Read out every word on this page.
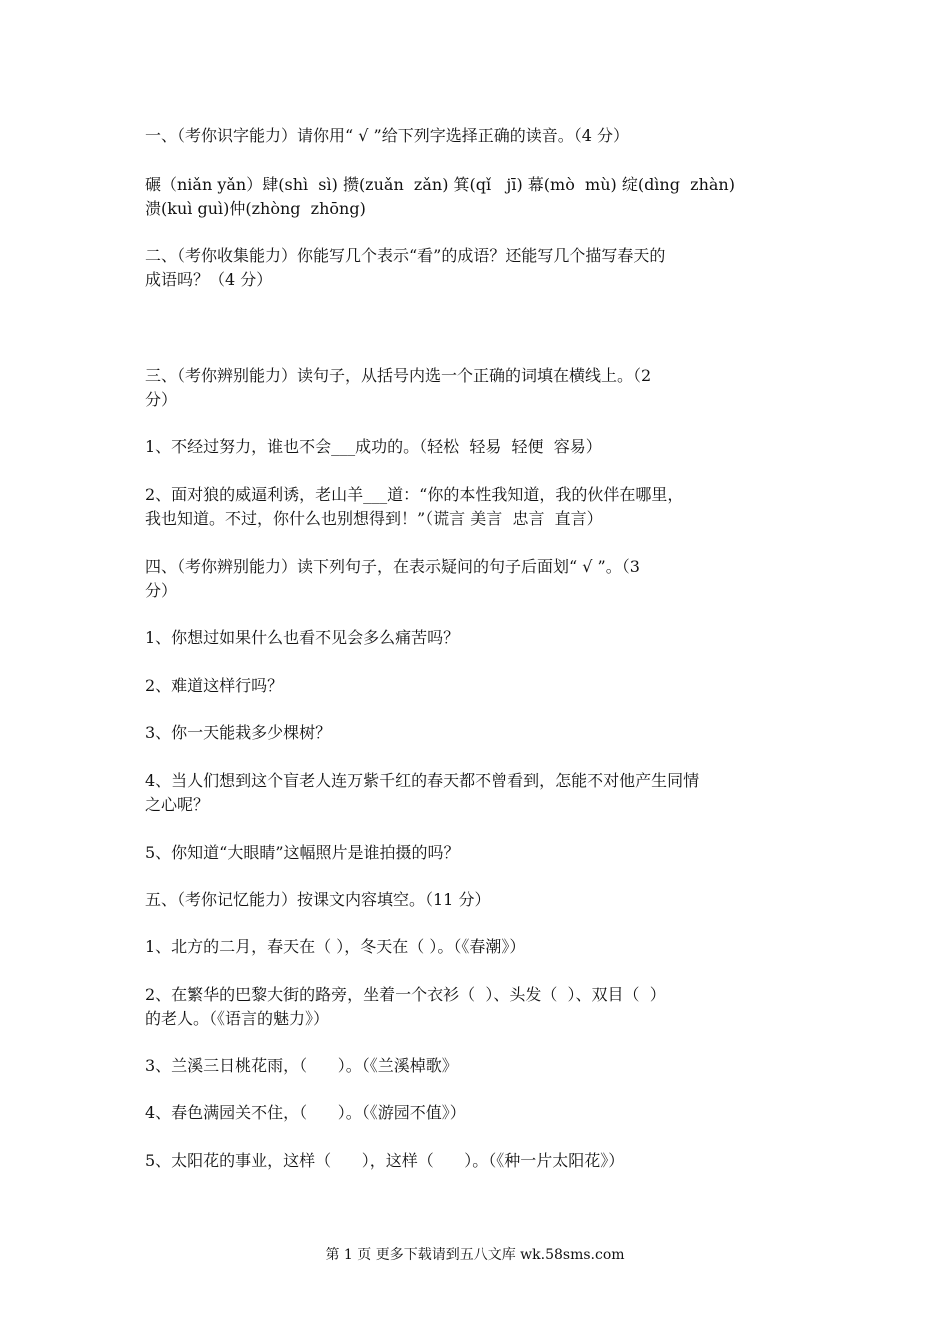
一、（考你识字能力）请你用“ √ ”给下列字选择正确的读音。（4 分）
碾（niǎn yǎn）肆(shì  sì) 攒(zuǎn  zǎn) 箕(qǐ   jī) 幕(mò  mù) 绽(dìng  zhàn)
溃(kuì guì)仲(zhòng  zhōng)
二、（考你收集能力）你能写几个表示“看”的成语？还能写几个描写春天的
成语吗？（4 分）
三、（考你辨别能力）读句子，从括号内选一个正确的词填在横线上。（2
分）
1、不经过努力，谁也不会___成功的。（轻松  轻易  轻便  容易）
2、面对狼的威逼利诱，老山羊___道：“你的本性我知道，我的伙伴在哪里，
我也知道。不过，你什么也别想得到！”（谎言 美言  忠言  直言）
四、（考你辨别能力）读下列句子，在表示疑问的句子后面划“ √ ”。（3
分）
1、你想过如果什么也看不见会多么痛苦吗？
2、难道这样行吗？
3、你一天能栽多少棵树？
4、当人们想到这个盲老人连万紫千红的春天都不曾看到，怎能不对他产生同情
之心呢？
5、你知道“大眼睛”这幅照片是谁拍摄的吗？
五、（考你记忆能力）按课文内容填空。（11 分）
1、北方的二月，春天在（ ），冬天在（ ）。（《春潮》）
2、在繁华的巴黎大街的路旁，坐着一个衣衫（  ）、头发（  ）、双目（  ）
的老人。（《语言的魅力》）
3、兰溪三日桃花雨，（      ）。（《兰溪棹歌》
4、春色满园关不住，（      ）。（《游园不值》）
5、太阳花的事业，这样（      ），这样（      ）。（《种一片太阳花》）
第 1 页 更多下载请到五八文库 wk.58sms.com
